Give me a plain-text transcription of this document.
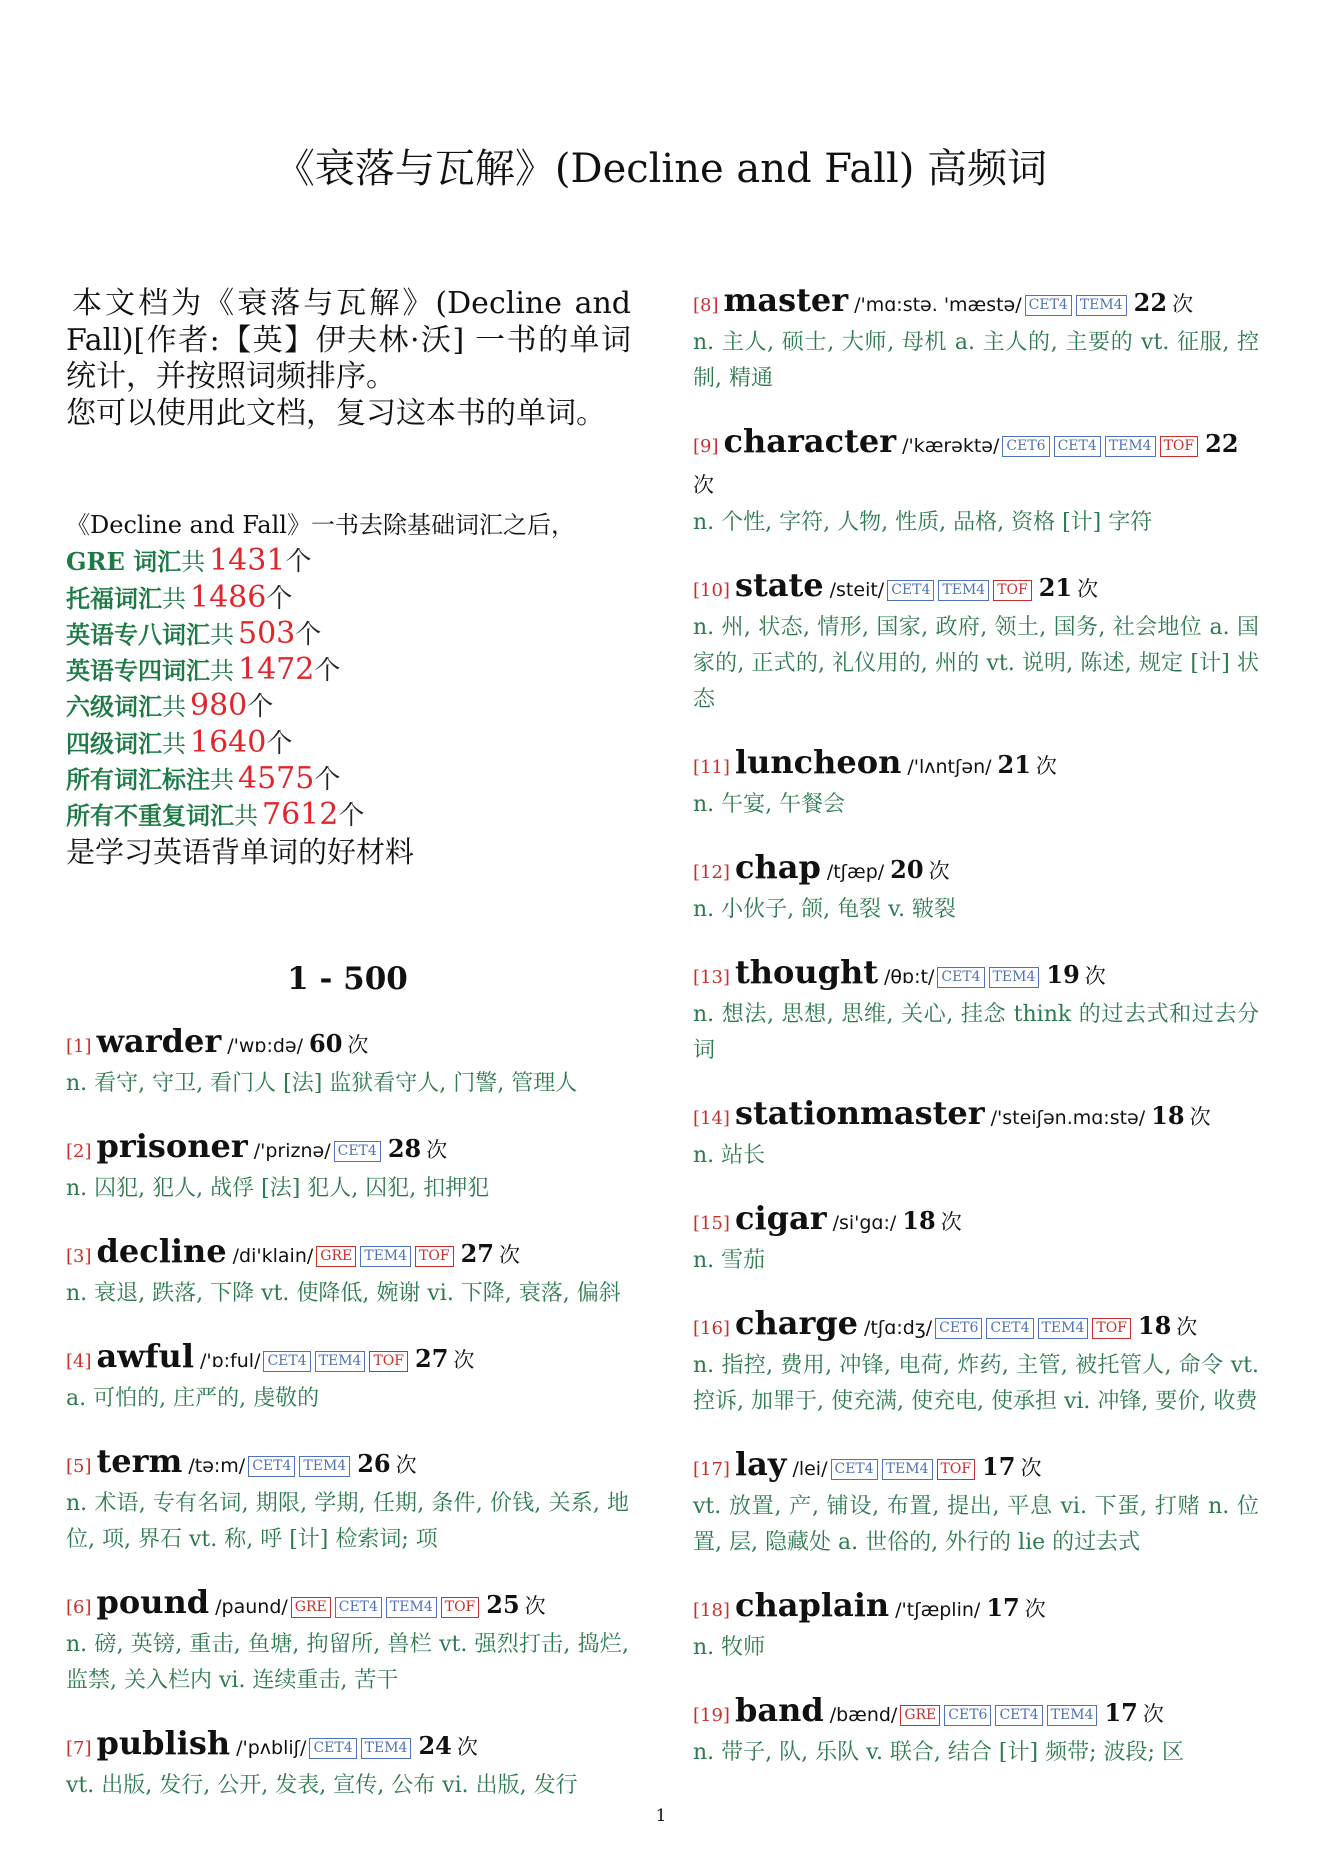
《衰落与瓦解》(Decline and Fall) 高频词

本文档为《衰落与瓦解》(Decline and Fall)[作者:【英】伊夫林·沃] 一书的单词统计，并按照词频排序。

您可以使用此文档，复习这本书的单词。

《Decline and Fall》一书去除基础词汇之后，
GRE 词汇共 1431个
托福词汇共 1486个
英语专八词汇共 503个
英语专四词汇共 1472个
六级词汇共 980个
四级词汇共 1640个
所有词汇标注共 4575个
所有不重复词汇共 7612个
是学习英语背单词的好材料
1 - 500
[1] warder /'wɒ:də/ 60 次
n. 看守, 守卫, 看门人 [法] 监狱看守人, 门警, 管理人
[2] prisoner /'priznə/ CET4 28 次
n. 囚犯, 犯人, 战俘 [法] 犯人, 囚犯, 扣押犯
[3] decline /di'klain/ GRE TEM4 TOF 27 次
n. 衰退, 跌落, 下降 vt. 使降低, 婉谢 vi. 下降, 衰落, 偏斜
[4] awful /'ɒ:ful/ CET4 TEM4 TOF 27 次
a. 可怕的, 庄严的, 虔敬的
[5] term /tə:m/ CET4 TEM4 26 次
n. 术语, 专有名词, 期限, 学期, 任期, 条件, 价钱, 关系, 地位, 项, 界石 vt. 称, 呼 [计] 检索词; 项
[6] pound /paund/ GRE CET4 TEM4 TOF 25 次
n. 磅, 英镑, 重击, 鱼塘, 拘留所, 兽栏 vt. 强烈打击, 捣烂, 监禁, 关入栏内 vi. 连续重击, 苦干
[7] publish /'pʌbliʃ/ CET4 TEM4 24 次
vt. 出版, 发行, 公开, 发表, 宣传, 公布 vi. 出版, 发行
[8] master /'mɑ:stə. 'mæstə/ CET4 TEM4 22 次
n. 主人, 硕士, 大师, 母机 a. 主人的, 主要的 vt. 征服, 控制, 精通
[9] character /'kærəktə/ CET6 CET4 TEM4 TOF 22次
n. 个性, 字符, 人物, 性质, 品格, 资格 [计] 字符
[10] state /steit/ CET4 TEM4 TOF 21 次
n. 州, 状态, 情形, 国家, 政府, 领土, 国务, 社会地位 a. 国家的, 正式的, 礼仪用的, 州的 vt. 说明, 陈述, 规定 [计] 状态
[11] luncheon /'lʌntʃən/ 21 次
n. 午宴, 午餐会
[12] chap /tʃæp/ 20 次
n. 小伙子, 颌, 龟裂 v. 皲裂
[13] thought /θɒ:t/ CET4 TEM4 19 次
n. 想法, 思想, 思维, 关心, 挂念 think 的过去式和过去分词
[14] stationmaster /'steiʃən.mɑ:stə/ 18 次
n. 站长
[15] cigar /si'gɑ:/ 18 次
n. 雪茄
[16] charge /tʃɑ:dʒ/ CET6 CET4 TEM4 TOF 18 次
n. 指控, 费用, 冲锋, 电荷, 炸药, 主管, 被托管人, 命令 vt. 控诉, 加罪于, 使充满, 使充电, 使承担 vi. 冲锋, 要价, 收费
[17] lay /lei/ CET4 TEM4 TOF 17 次
vt. 放置, 产, 铺设, 布置, 提出, 平息 vi. 下蛋, 打赌 n. 位置, 层, 隐藏处 a. 世俗的, 外行的 lie 的过去式
[18] chaplain /'tʃæplin/ 17 次
n. 牧师
[19] band /bænd/ GRE CET6 CET4 TEM4 17 次
n. 带子, 队, 乐队 v. 联合, 结合 [计] 频带; 波段; 区
1
